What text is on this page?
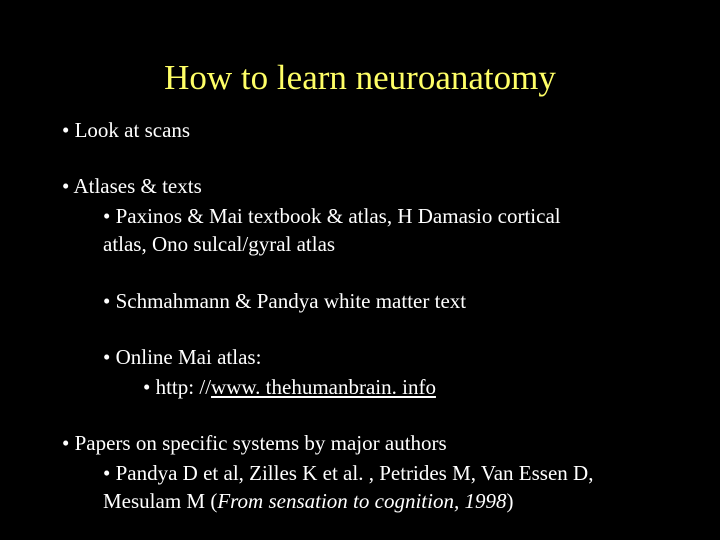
How to learn neuroanatomy
• Look at scans
• Atlases & texts
• Paxinos & Mai textbook & atlas, H Damasio cortical
atlas, Ono sulcal/gyral atlas
• Schmahmann & Pandya white matter text
• Online Mai atlas:
• http: //www. thehumanbrain. info
• Papers on specific systems by major authors
• Pandya D et al, Zilles K et al. , Petrides M, Van Essen D,
Mesulam M (From sensation to cognition, 1998)
